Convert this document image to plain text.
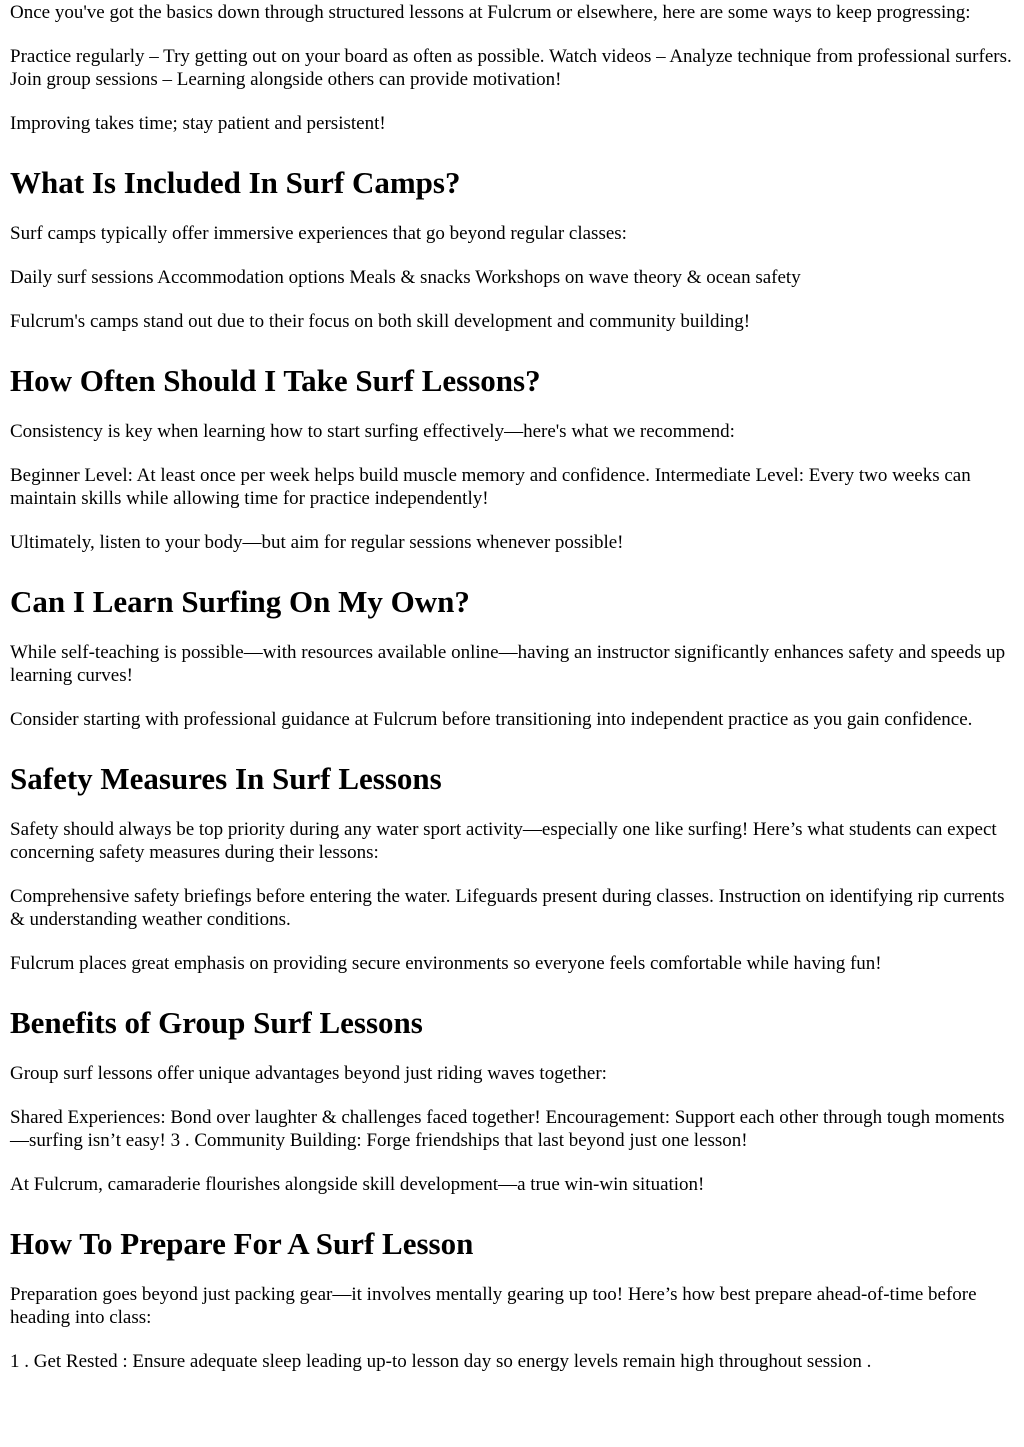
Once you've got the basics down through structured lessons at Fulcrum or elsewhere, here are some ways to keep progressing:

Practice regularly – Try getting out on your board as often as possible. Watch videos – Analyze technique from professional surfers. Join group sessions – Learning alongside others can provide motivation!

Improving takes time; stay patient and persistent!

What Is Included In Surf Camps?

Surf camps typically offer immersive experiences that go beyond regular classes:

Daily surf sessions Accommodation options Meals & snacks Workshops on wave theory & ocean safety

Fulcrum's camps stand out due to their focus on both skill development and community building!

How Often Should I Take Surf Lessons?

Consistency is key when learning how to start surfing effectively—here's what we recommend:

Beginner Level: At least once per week helps build muscle memory and confidence. Intermediate Level: Every two weeks can maintain skills while allowing time for practice independently!

Ultimately, listen to your body—but aim for regular sessions whenever possible!

Can I Learn Surfing On My Own?

While self-teaching is possible—with resources available online—having an instructor significantly enhances safety and speeds up learning curves!

Consider starting with professional guidance at Fulcrum before transitioning into independent practice as you gain confidence.

Safety Measures In Surf Lessons

Safety should always be top priority during any water sport activity—especially one like surfing! Here’s what students can expect concerning safety measures during their lessons:

Comprehensive safety briefings before entering the water. Lifeguards present during classes. Instruction on identifying rip currents & understanding weather conditions.

Fulcrum places great emphasis on providing secure environments so everyone feels comfortable while having fun!

Benefits of Group Surf Lessons

Group surf lessons offer unique advantages beyond just riding waves together:

Shared Experiences: Bond over laughter & challenges faced together! Encouragement: Support each other through tough moments—surfing isn’t easy! 3 . Community Building: Forge friendships that last beyond just one lesson!

At Fulcrum, camaraderie flourishes alongside skill development—a true win-win situation!

How To Prepare For A Surf Lesson

Preparation goes beyond just packing gear—it involves mentally gearing up too! Here’s how best prepare ahead-of-time before heading into class:

1 . Get Rested : Ensure adequate sleep leading up-to lesson day so energy levels remain high throughout session .
